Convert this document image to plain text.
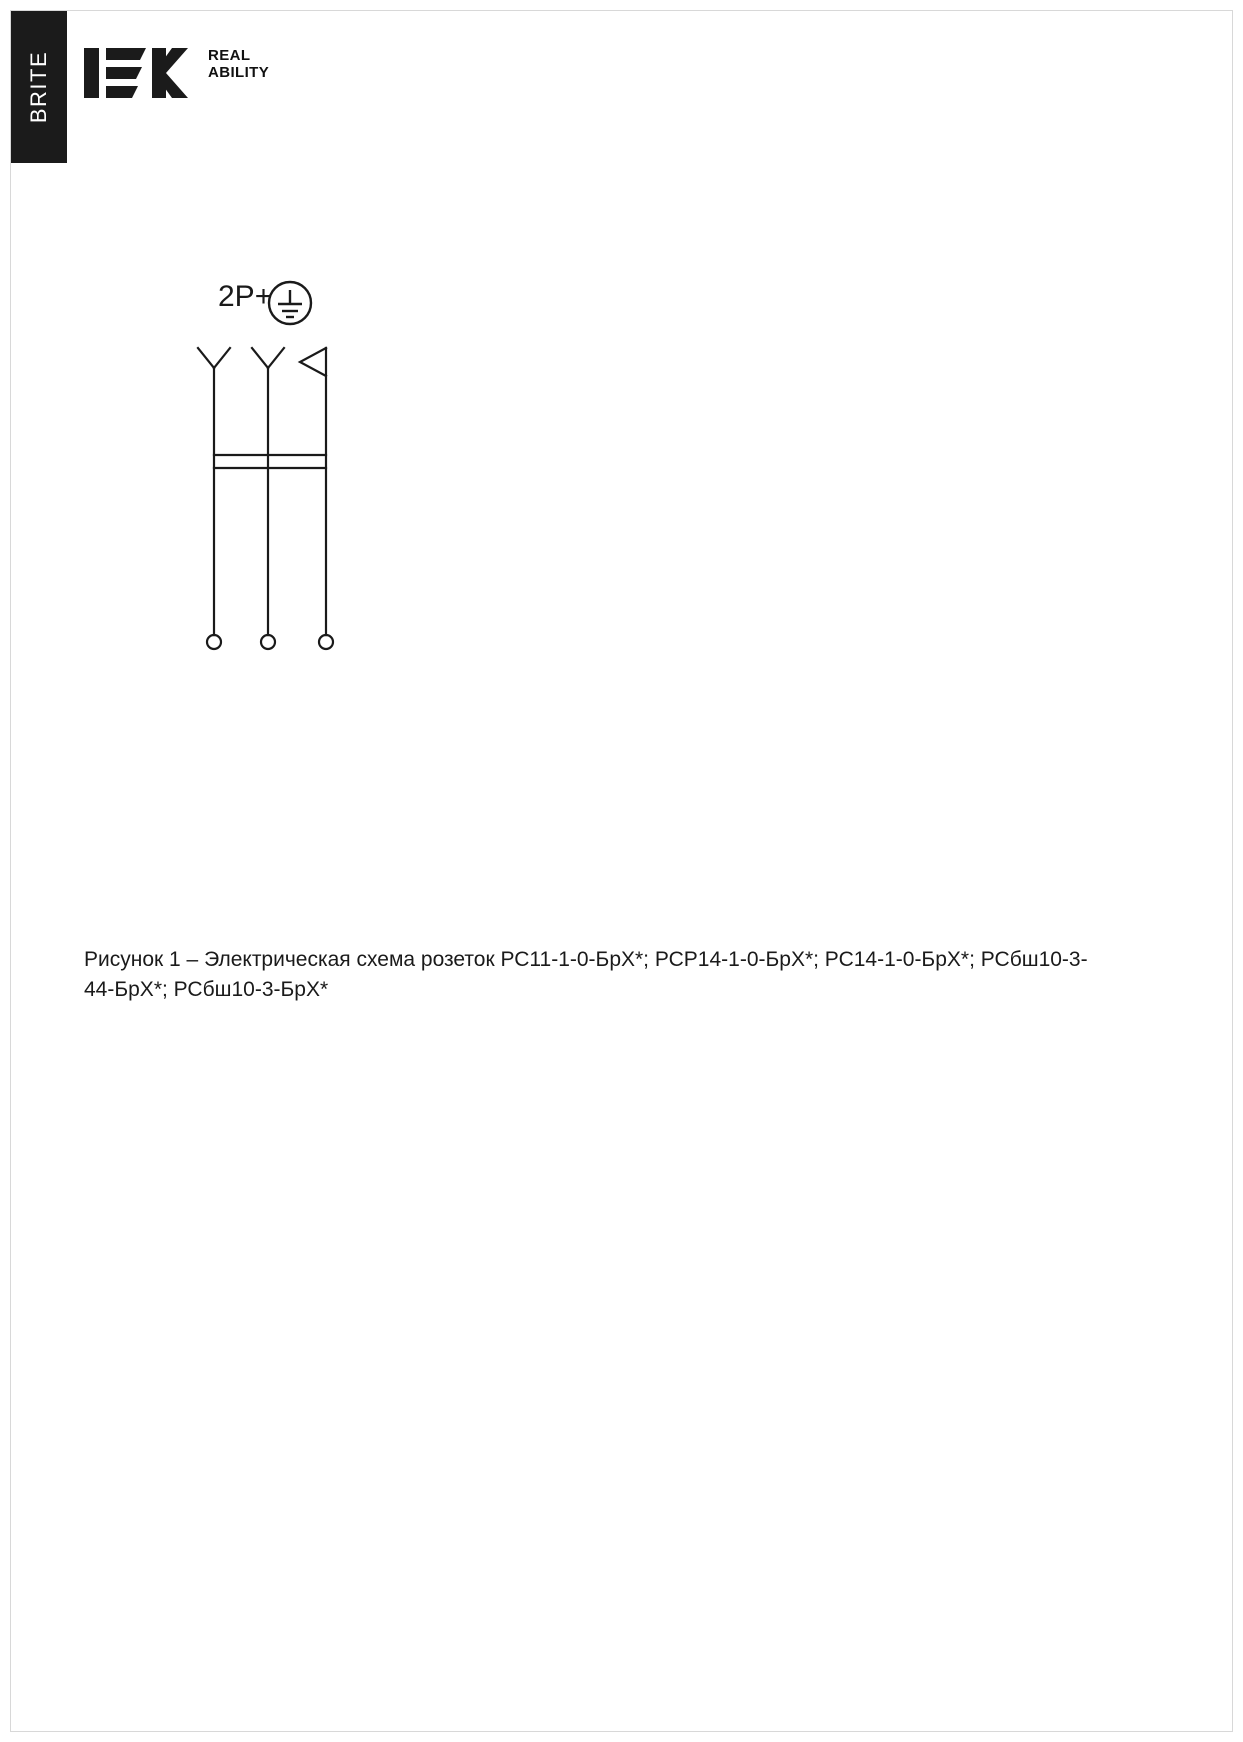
BRITE	REAL
ABILITY
2P+
Рисунок 1 – Электрическая схема розеток РС11-1-0-БрХ*; РСР14-1-0-БрХ*; РС14-1-0-БрХ*; РСбш10-3-44-БрХ*; РСбш10-3-БрХ*
